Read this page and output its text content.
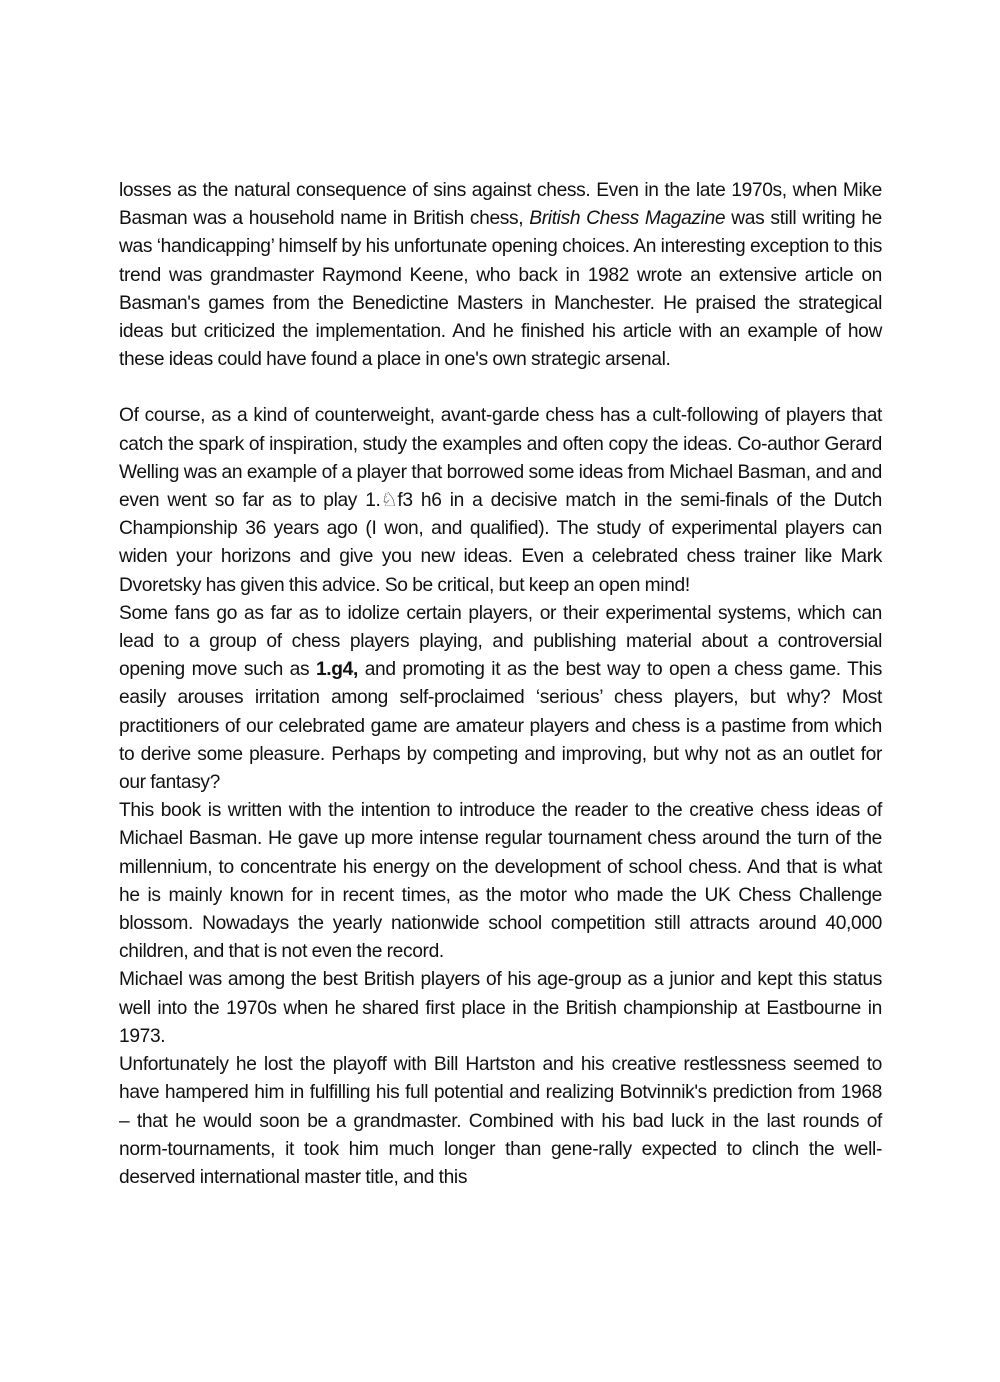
losses as the natural consequence of sins against chess. Even in the late 1970s, when Mike Basman was a household name in British chess, British Chess Magazine was still writing he was ‘handicapping’ himself by his unfortunate opening choices. An interesting exception to this trend was grandmaster Raymond Keene, who back in 1982 wrote an extensive article on Basman's games from the Benedictine Masters in Manchester. He praised the strategical ideas but criticized the implementation. And he finished his article with an example of how these ideas could have found a place in one's own strategic arsenal.

Of course, as a kind of counterweight, avant-garde chess has a cult-following of players that catch the spark of inspiration, study the examples and often copy the ideas. Co-author Gerard Welling was an example of a player that borrowed some ideas from Michael Basman, and and even went so far as to play 1.♘f3 h6 in a decisive match in the semi-finals of the Dutch Championship 36 years ago (I won, and qualified). The study of experimental players can widen your horizons and give you new ideas. Even a celebrated chess trainer like Mark Dvoretsky has given this advice. So be critical, but keep an open mind!

Some fans go as far as to idolize certain players, or their experimental systems, which can lead to a group of chess players playing, and publishing material about a controversial opening move such as 1.g4, and promoting it as the best way to open a chess game. This easily arouses irritation among self-proclaimed ‘serious’ chess players, but why? Most practitioners of our celebrated game are amateur players and chess is a pastime from which to derive some pleasure. Perhaps by competing and improving, but why not as an outlet for our fantasy?

This book is written with the intention to introduce the reader to the creative chess ideas of Michael Basman. He gave up more intense regular tournament chess around the turn of the millennium, to concentrate his energy on the development of school chess. And that is what he is mainly known for in recent times, as the motor who made the UK Chess Challenge blossom. Nowadays the yearly nationwide school competition still attracts around 40,000 children, and that is not even the record.

Michael was among the best British players of his age-group as a junior and kept this status well into the 1970s when he shared first place in the British championship at Eastbourne in 1973.

Unfortunately he lost the playoff with Bill Hartston and his creative restlessness seemed to have hampered him in fulfilling his full potential and realizing Botvinnik's prediction from 1968 – that he would soon be a grandmaster. Combined with his bad luck in the last rounds of norm-tournaments, it took him much longer than gene-rally expected to clinch the well-deserved international master title, and this
